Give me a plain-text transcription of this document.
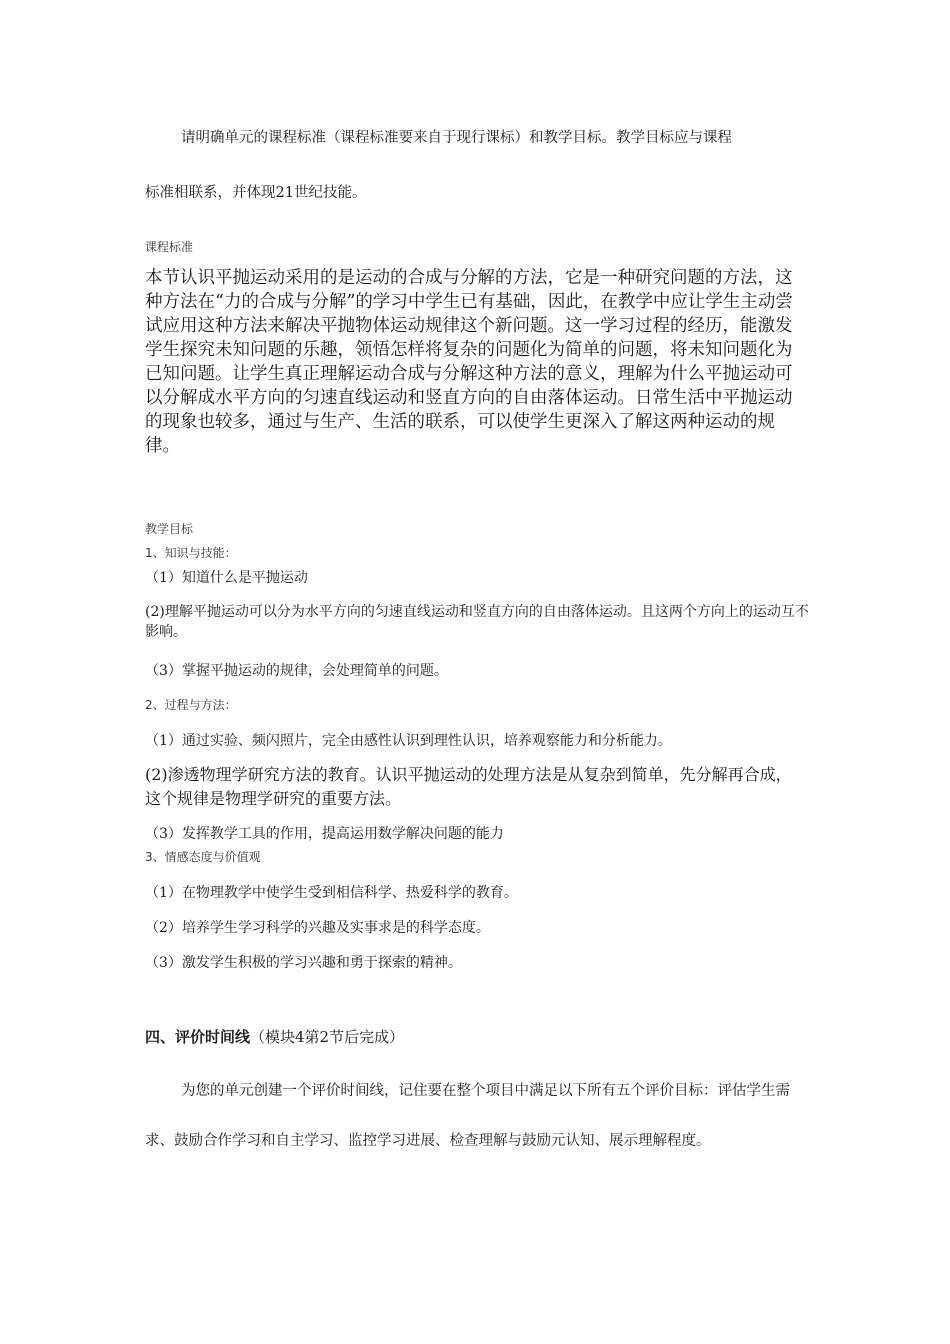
请明确单元的课程标准（课程标准要来自于现行课标）和教学目标。教学目标应与课程

标准相联系，并体现21世纪技能。

课程标准

本节认识平抛运动采用的是运动的合成与分解的方法，它是一种研究问题的方法，这种方法在“力的合成与分解”的学习中学生已有基础，因此，在教学中应让学生主动尝试应用这种方法来解决平抛物体运动规律这个新问题。这一学习过程的经历，能激发学生探究未知问题的乐趣，领悟怎样将复杂的问题化为简单的问题，将未知问题化为已知问题。让学生真正理解运动合成与分解这种方法的意义，理解为什么平抛运动可以分解成水平方向的匀速直线运动和竖直方向的自由落体运动。日常生活中平抛运动的现象也较多，通过与生产、生活的联系，可以使学生更深入了解这两种运动的规律。

教学目标

1、知识与技能：

（1）知道什么是平抛运动

(2)理解平抛运动可以分为水平方向的匀速直线运动和竖直方向的自由落体运动。且这两个方向上的运动互不影响。

（3）掌握平抛运动的规律，会处理简单的问题。

2、过程与方法：

（1）通过实验、频闪照片，完全由感性认识到理性认识，培养观察能力和分析能力。

(2)渗透物理学研究方法的教育。认识平抛运动的处理方法是从复杂到简单，先分解再合成，这个规律是物理学研究的重要方法。

（3）发挥教学工具的作用，提高运用数学解决问题的能力

3、情感态度与价值观

（1）在物理教学中使学生受到相信科学、热爱科学的教育。

（2）培养学生学习科学的兴趣及实事求是的科学态度。

（3）激发学生积极的学习兴趣和勇于探索的精神。

四、评价时间线（模块4第2节后完成）

为您的单元创建一个评价时间线，记住要在整个项目中满足以下所有五个评价目标：评估学生需求、鼓励合作学习和自主学习、监控学习进展、检查理解与鼓励元认知、展示理解程度。
